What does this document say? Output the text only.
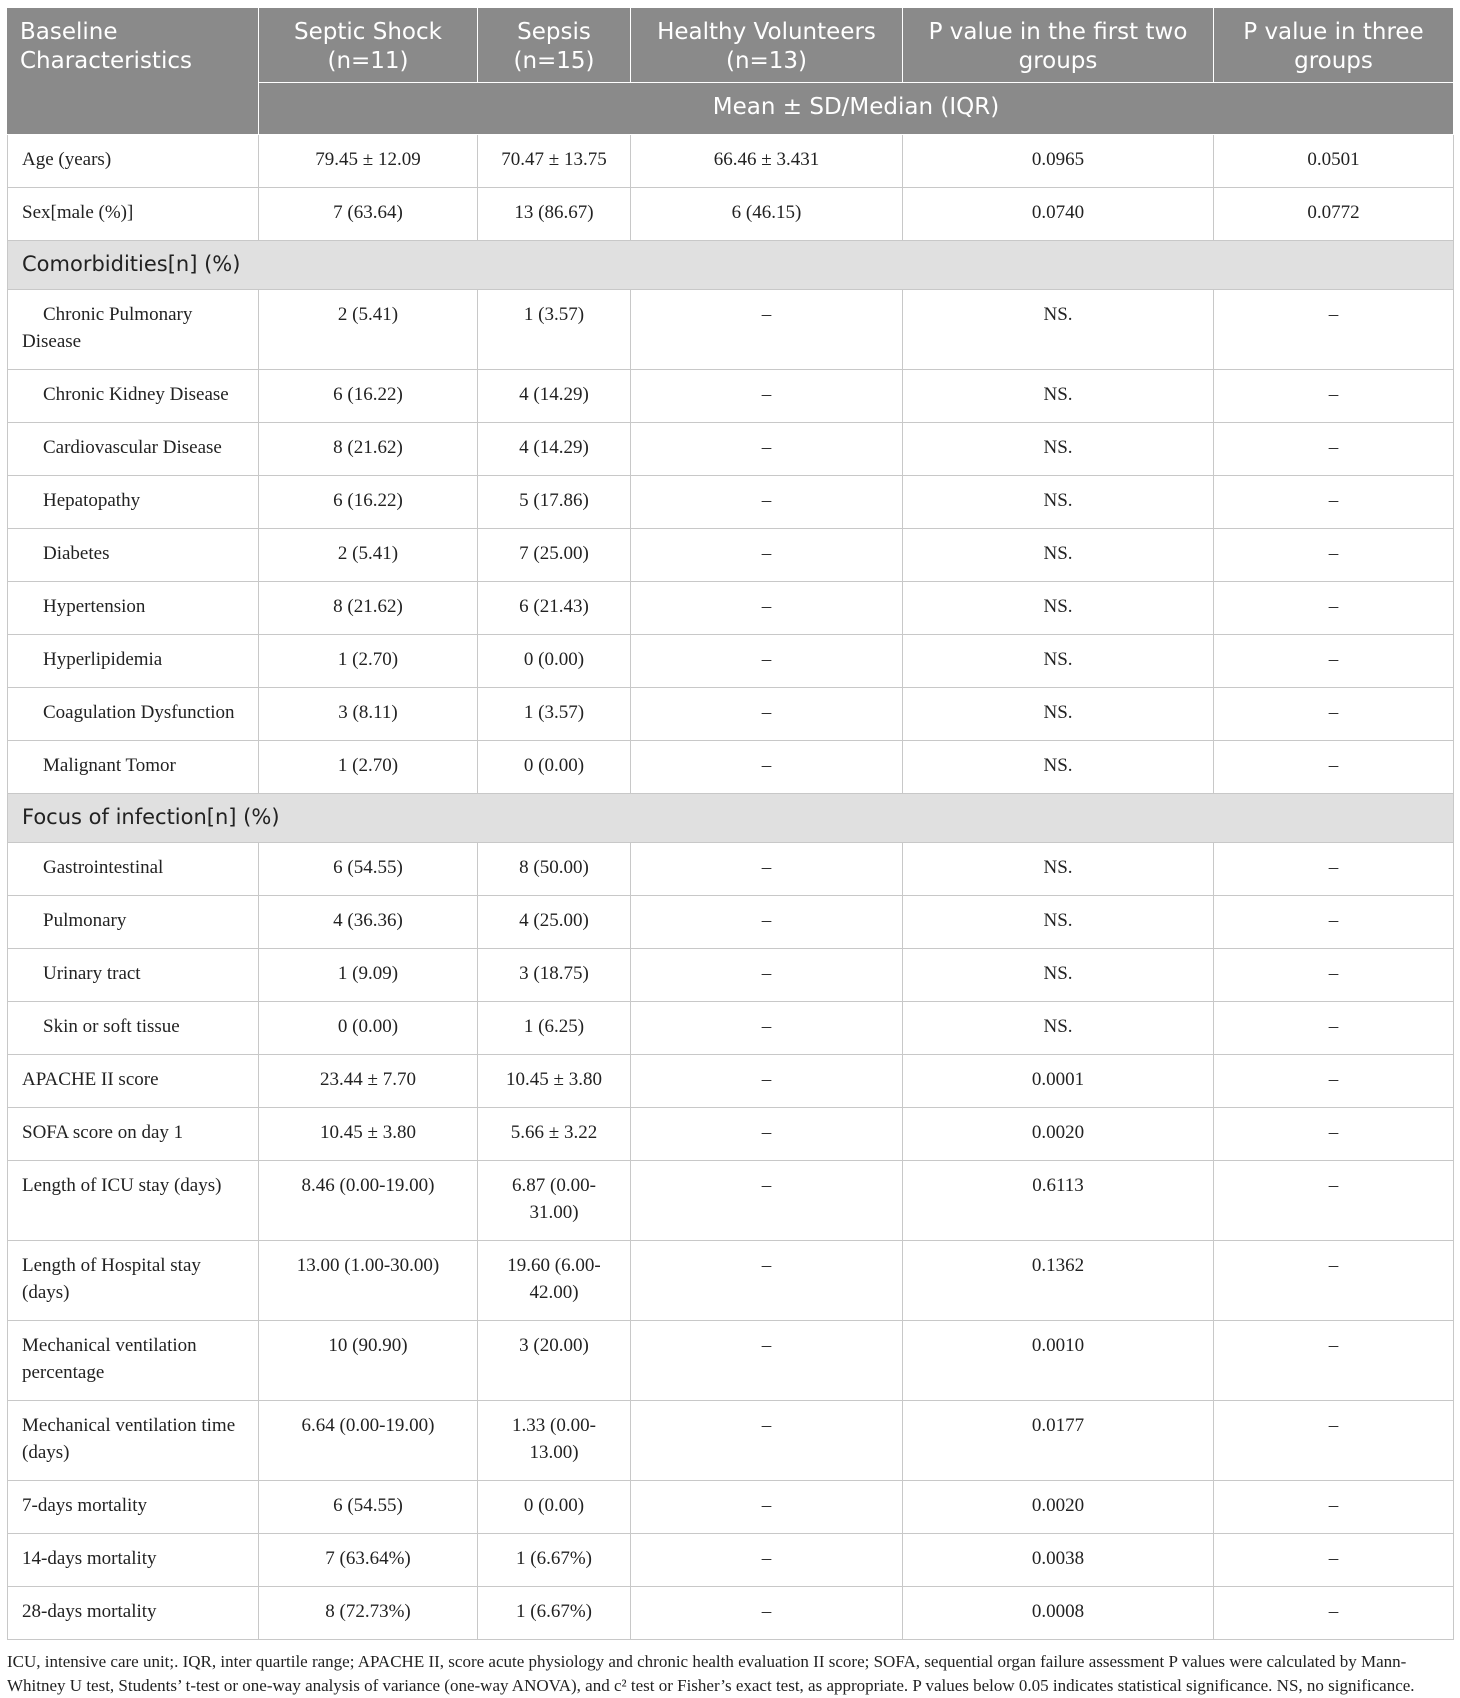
Baseline Characteristics	Septic Shock (n=11)	Sepsis (n=15)	Healthy Volunteers (n=13)	P value in the first two groups	P value in three groups
	Mean ± SD/Median (IQR)				
Age (years)	79.45 ± 12.09	70.47 ± 13.75	66.46 ± 3.431	0.0965	0.0501
Sex[male (%)]	7 (63.64)	13 (86.67)	6 (46.15)	0.0740	0.0772
Comorbidities[n] (%)					
Chronic Pulmonary Disease	2 (5.41)	1 (3.57)	–	NS.	–
Chronic Kidney Disease	6 (16.22)	4 (14.29)	–	NS.	–
Cardiovascular Disease	8 (21.62)	4 (14.29)	–	NS.	–
Hepatopathy	6 (16.22)	5 (17.86)	–	NS.	–
Diabetes	2 (5.41)	7 (25.00)	–	NS.	–
Hypertension	8 (21.62)	6 (21.43)	–	NS.	–
Hyperlipidemia	1 (2.70)	0 (0.00)	–	NS.	–
Coagulation Dysfunction	3 (8.11)	1 (3.57)	–	NS.	–
Malignant Tomor	1 (2.70)	0 (0.00)	–	NS.	–
Focus of infection[n] (%)					
Gastrointestinal	6 (54.55)	8 (50.00)	–	NS.	–
Pulmonary	4 (36.36)	4 (25.00)	–	NS.	–
Urinary tract	1 (9.09)	3 (18.75)	–	NS.	–
Skin or soft tissue	0 (0.00)	1 (6.25)	–	NS.	–
APACHE II score	23.44 ± 7.70	10.45 ± 3.80	–	0.0001	–
SOFA score on day 1	10.45 ± 3.80	5.66 ± 3.22	–	0.0020	–
Length of ICU stay (days)	8.46 (0.00-19.00)	6.87 (0.00-31.00)	–	0.6113	–
Length of Hospital stay (days)	13.00 (1.00-30.00)	19.60 (6.00-42.00)	–	0.1362	–
Mechanical ventilation percentage	10 (90.90)	3 (20.00)	–	0.0010	–
Mechanical ventilation time (days)	6.64 (0.00-19.00)	1.33 (0.00-13.00)	–	0.0177	–
7-days mortality	6 (54.55)	0 (0.00)	–	0.0020	–
14-days mortality	7 (63.64%)	1 (6.67%)	–	0.0038	–
28-days mortality	8 (72.73%)	1 (6.67%)	–	0.0008	–
ICU, intensive care unit;. IQR, inter quartile range; APACHE II, score acute physiology and chronic health evaluation II score; SOFA, sequential organ failure assessment P values were calculated by Mann-Whitney U test, Students’ t-test or one-way analysis of variance (one-way ANOVA), and c² test or Fisher’s exact test, as appropriate. P values below 0.05 indicates statistical significance. NS, no significance.
